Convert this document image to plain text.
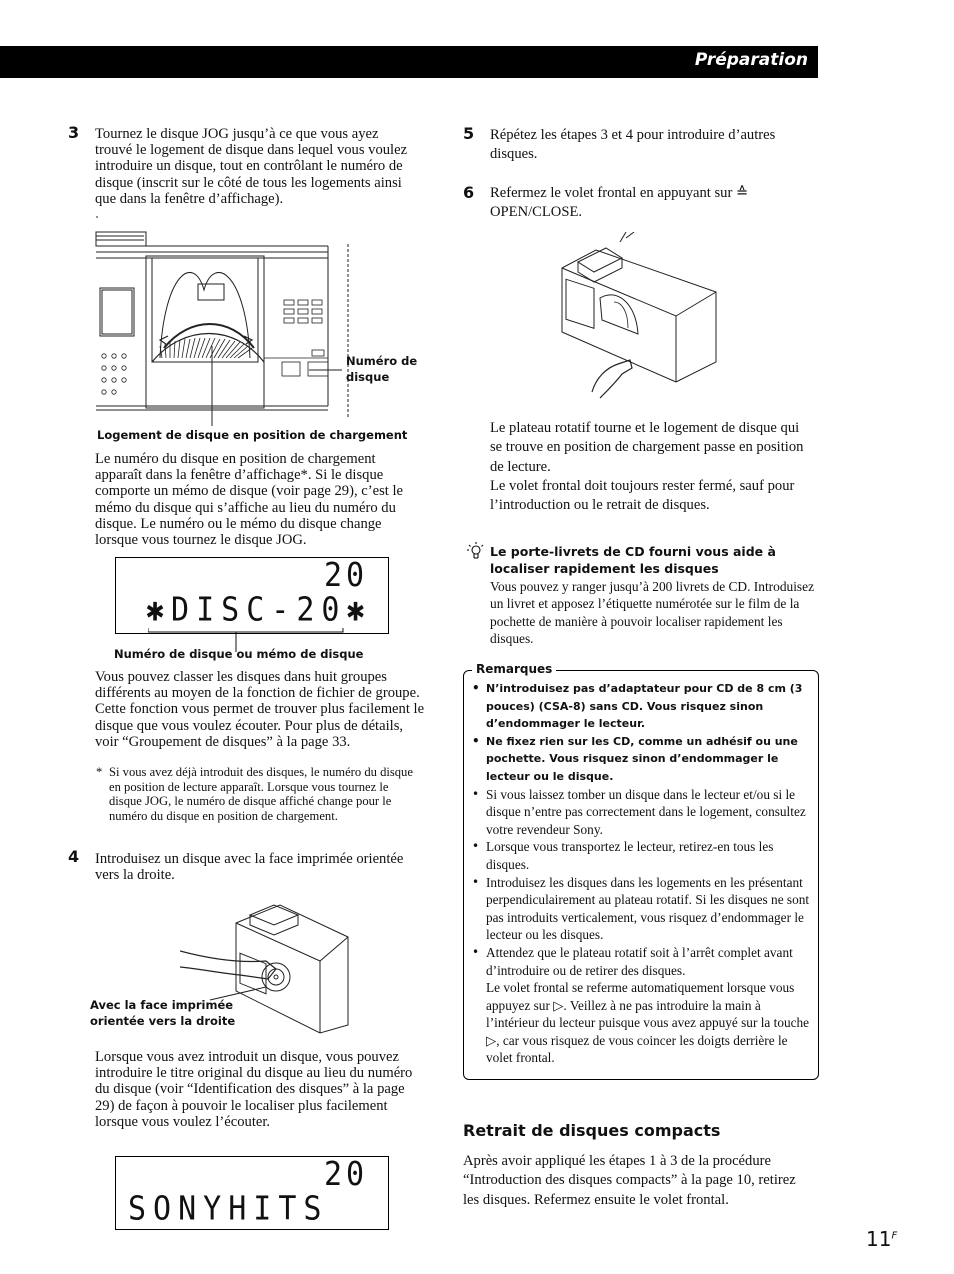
Préparation
3 Tournez le disque JOG jusqu’à ce que vous ayez trouvé le logement de disque dans lequel vous voulez introduire un disque, tout en contrôlant le numéro de disque (inscrit sur le côté de tous les logements ainsi que dans la fenêtre d’affichage).
Numéro de disque
Logement de disque en position de chargement
Le numéro du disque en position de chargement apparaît dans la fenêtre d’affichage*. Si le disque comporte un mémo de disque (voir page 29), c’est le mémo du disque qui s’affiche au lieu du numéro du disque. Le numéro ou le mémo du disque change lorsque vous tournez le disque JOG.
20
✱DISC-20✱
Numéro de disque ou mémo de disque
Vous pouvez classer les disques dans huit groupes différents au moyen de la fonction de fichier de groupe. Cette fonction vous permet de trouver plus facilement le disque que vous voulez écouter. Pour plus de détails, voir “Groupement de disques” à la page 33.
* Si vous avez déjà introduit des disques, le numéro du disque en position de lecture apparaît. Lorsque vous tournez le disque JOG, le numéro de disque affiché change pour le numéro du disque en position de chargement.
4 Introduisez un disque avec la face imprimée orientée vers la droite.
Avec la face imprimée orientée vers la droite
Lorsque vous avez introduit un disque, vous pouvez introduire le titre original du disque au lieu du numéro du disque (voir “Identification des disques” à la page 29) de façon à pouvoir le localiser plus facilement lorsque vous voulez l’écouter.
20
SONYHITS
5 Répétez les étapes 3 et 4 pour introduire d’autres disques.
6 Refermez le volet frontal en appuyant sur ≙ OPEN/CLOSE.
Le plateau rotatif tourne et le logement de disque qui se trouve en position de chargement passe en position de lecture.
Le volet frontal doit toujours rester fermé, sauf pour l’introduction ou le retrait de disques.
Le porte-livrets de CD fourni vous aide à localiser rapidement les disques
Vous pouvez y ranger jusqu’à 200 livrets de CD. Introduisez un livret et apposez l’étiquette numérotée sur le film de la pochette de manière à pouvoir localiser rapidement les disques.
Remarques
• N’introduisez pas d’adaptateur pour CD de 8 cm (3 pouces) (CSA-8) sans CD. Vous risquez sinon d’endommager le lecteur.
• Ne fixez rien sur les CD, comme un adhésif ou une pochette. Vous risquez sinon d’endommager le lecteur ou le disque.
• Si vous laissez tomber un disque dans le lecteur et/ou si le disque n’entre pas correctement dans le logement, consultez votre revendeur Sony.
• Lorsque vous transportez le lecteur, retirez-en tous les disques.
• Introduisez les disques dans les logements en les présentant perpendiculairement au plateau rotatif. Si les disques ne sont pas introduits verticalement, vous risquez d’endommager le lecteur ou les disques.
• Attendez que le plateau rotatif soit à l’arrêt complet avant d’introduire ou de retirer des disques.
Le volet frontal se referme automatiquement lorsque vous appuyez sur ▷. Veillez à ne pas introduire la main à l’intérieur du lecteur puisque vous avez appuyé sur la touche ▷, car vous risquez de vous coincer les doigts derrière le volet frontal.
Retrait de disques compacts
Après avoir appliqué les étapes 1 à 3 de la procédure “Introduction des disques compacts” à la page 10, retirez les disques. Refermez ensuite le volet frontal.
$11^F$
